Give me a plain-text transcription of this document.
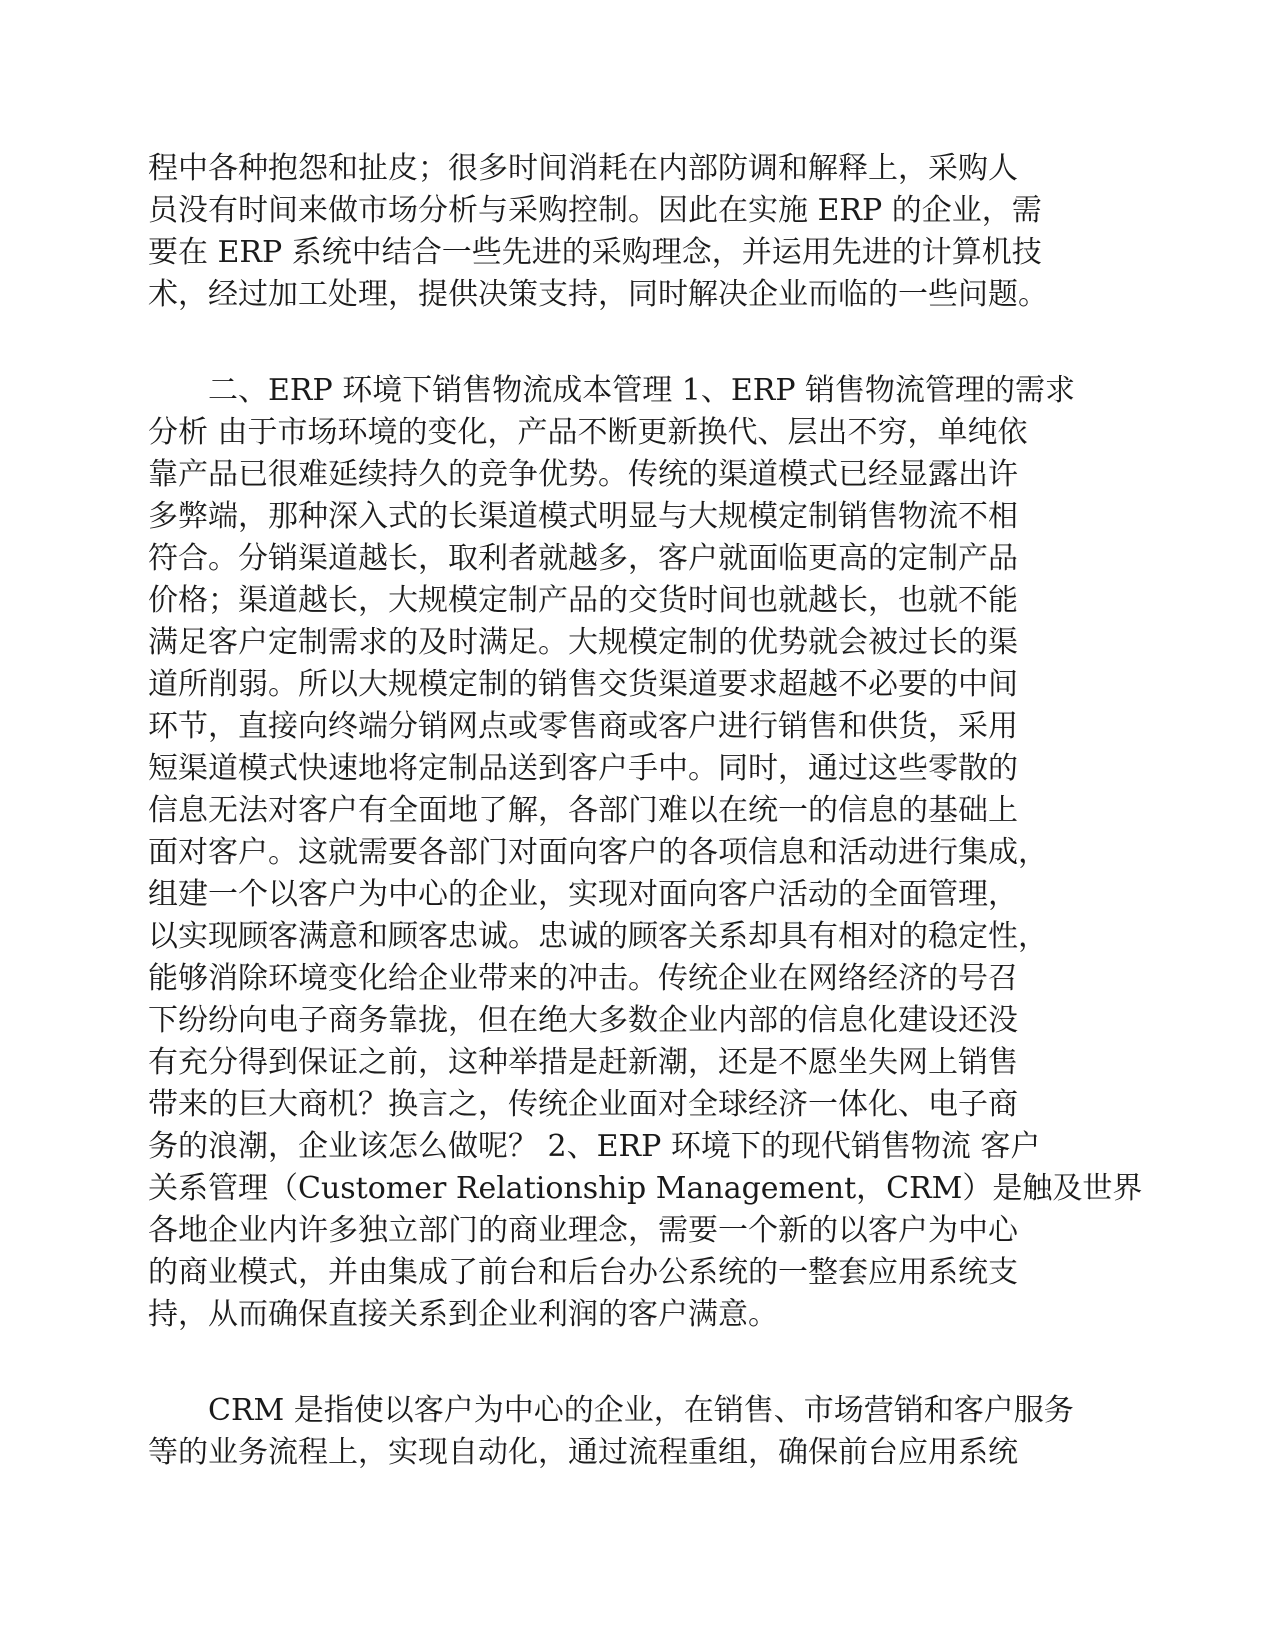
程中各种抱怨和扯皮；很多时间消耗在内部防调和解释上，采购人
员没有时间来做市场分析与采购控制。因此在实施 ERP 的企业，需
要在 ERP 系统中结合一些先进的采购理念，并运用先进的计算机技
术，经过加工处理，提供决策支持，同时解决企业而临的一些问题。
　　二、ERP 环境下销售物流成本管理 1、ERP 销售物流管理的需求
分析 由于市场环境的变化，产品不断更新换代、层出不穷，单纯依
靠产品已很难延续持久的竞争优势。传统的渠道模式已经显露出许
多弊端，那种深入式的长渠道模式明显与大规模定制销售物流不相
符合。分销渠道越长，取利者就越多，客户就面临更高的定制产品
价格；渠道越长，大规模定制产品的交货时间也就越长，也就不能
满足客户定制需求的及时满足。大规模定制的优势就会被过长的渠
道所削弱。所以大规模定制的销售交货渠道要求超越不必要的中间
环节，直接向终端分销网点或零售商或客户进行销售和供货，采用
短渠道模式快速地将定制品送到客户手中。同时，通过这些零散的
信息无法对客户有全面地了解，各部门难以在统一的信息的基础上
面对客户。这就需要各部门对面向客户的各项信息和活动进行集成，
组建一个以客户为中心的企业，实现对面向客户活动的全面管理，
以实现顾客满意和顾客忠诚。忠诚的顾客关系却具有相对的稳定性，
能够消除环境变化给企业带来的冲击。传统企业在网络经济的号召
下纷纷向电子商务靠拢，但在绝大多数企业内部的信息化建设还没
有充分得到保证之前，这种举措是赶新潮，还是不愿坐失网上销售
带来的巨大商机？换言之，传统企业面对全球经济一体化、电子商
务的浪潮，企业该怎么做呢？ 2、ERP 环境下的现代销售物流 客户
关系管理（Customer Relationship Management，CRM）是触及世界
各地企业内许多独立部门的商业理念，需要一个新的以客户为中心
的商业模式，并由集成了前台和后台办公系统的一整套应用系统支
持，从而确保直接关系到企业利润的客户满意。
　　CRM 是指使以客户为中心的企业，在销售、市场营销和客户服务
等的业务流程上，实现自动化，通过流程重组，确保前台应用系统
